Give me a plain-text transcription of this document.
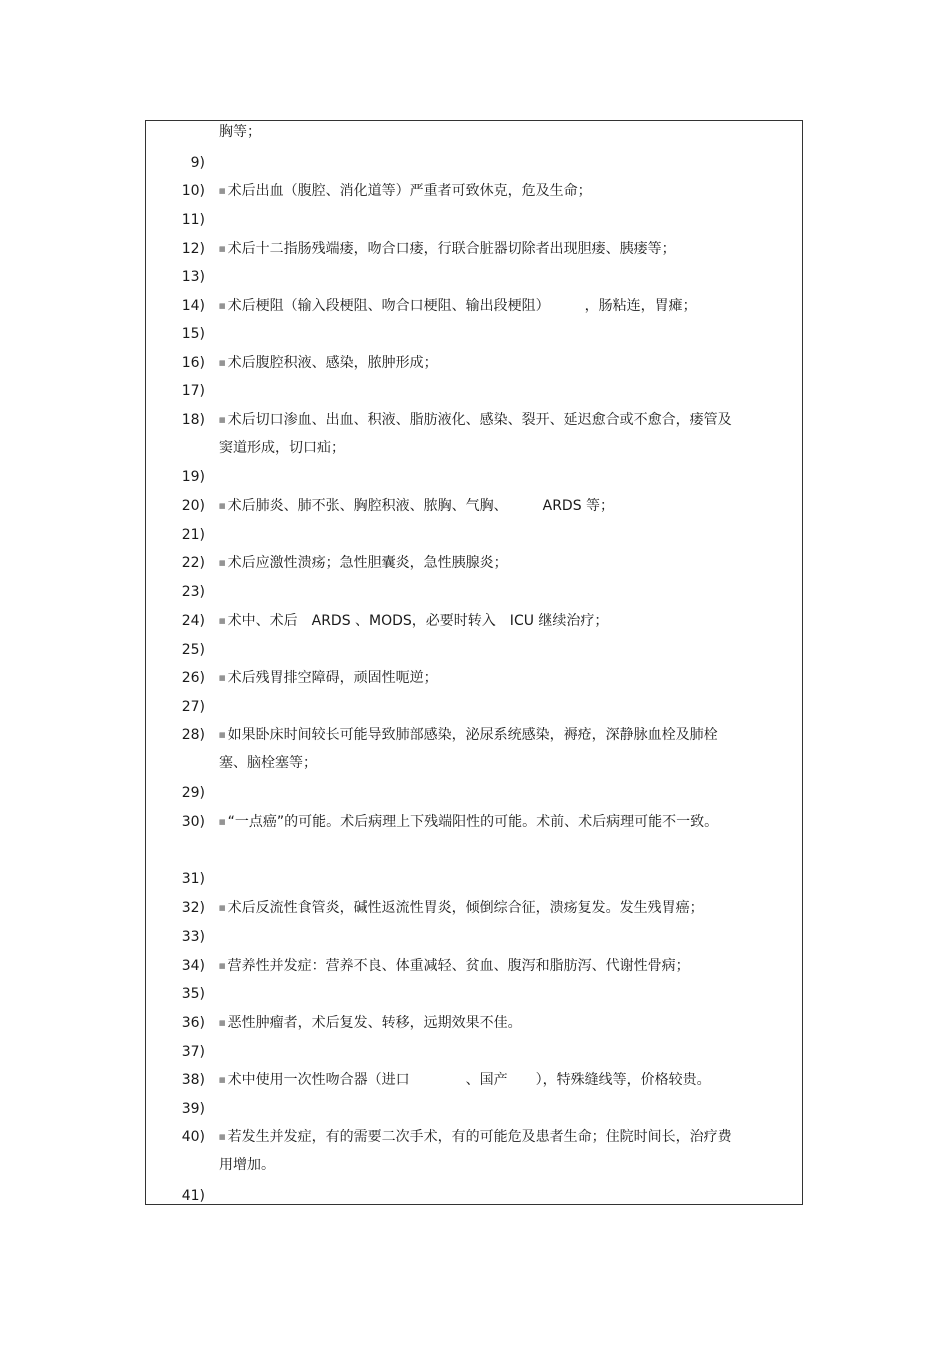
胸等；
9)
10) ▦ 术后出血（腹腔、消化道等）严重者可致休克，危及生命；
11)
12) ▦ 术后十二指肠残端瘘，吻合口瘘，行联合脏器切除者出现胆瘘、胰瘘等；
13)
14) ▦ 术后梗阻（输入段梗阻、吻合口梗阻、输出段梗阻）　　　，肠粘连，胃瘫；
15)
16) ▦ 术后腹腔积液、感染，脓肿形成；
17)
18) ▦ 术后切口渗血、出血、积液、脂肪液化、感染、裂开、延迟愈合或不愈合，瘘管及窦道形成，切口疝；
19)
20) ▦ 术后肺炎、肺不张、胸腔积液、脓胸、气胸、　　　ARDS 等；
21)
22) ▦ 术后应激性溃疡；急性胆囊炎，急性胰腺炎；
23)
24) ▦ 术中、术后　ARDS 、MODS，必要时转入　ICU 继续治疗；
25)
26) ▦ 术后残胃排空障碍，顽固性呃逆；
27)
28) ▦ 如果卧床时间较长可能导致肺部感染，泌尿系统感染，褥疮，深静脉血栓及肺栓塞、脑栓塞等；
29)
30) ▦ “一点癌”的可能。术后病理上下残端阳性的可能。术前、术后病理可能不一致。
31)
32) ▦ 术后反流性食管炎，碱性返流性胃炎，倾倒综合征，溃疡复发。发生残胃癌；
33)
34) ▦ 营养性并发症：营养不良、体重减轻、贫血、腹泻和脂肪泻、代谢性骨病；
35)
36) ▦ 恶性肿瘤者，术后复发、转移，远期效果不佳。
37)
38) ▦ 术中使用一次性吻合器（进口　　　　、国产　　），特殊缝线等，价格较贵。
39)
40) ▦ 若发生并发症，有的需要二次手术，有的可能危及患者生命；住院时间长，治疗费用增加。
41)
